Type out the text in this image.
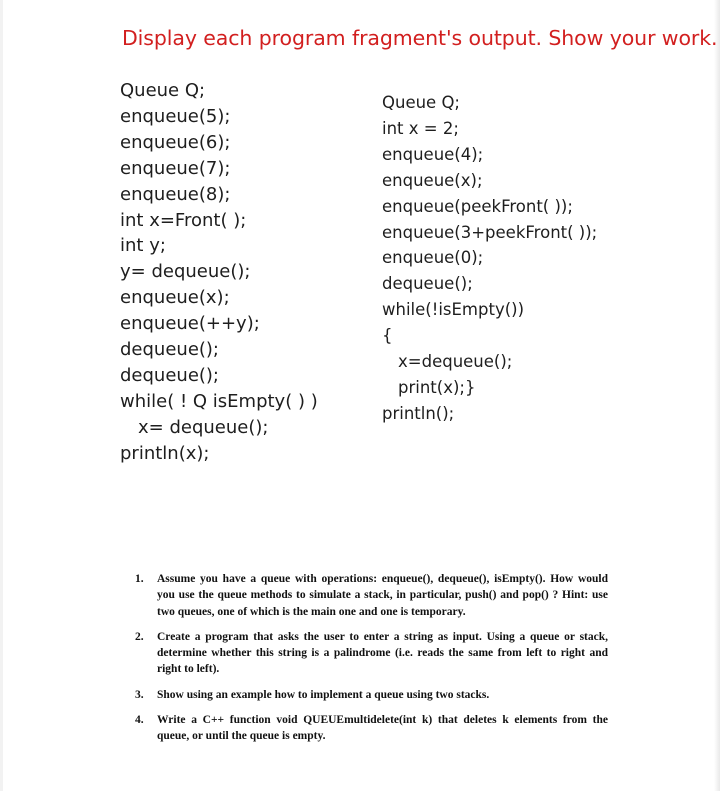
Display each program fragment's output. Show your work.
Queue Q;
enqueue(5);
enqueue(6);
enqueue(7);
enqueue(8);
int x=Front( );
int y;
y= dequeue();
enqueue(x);
enqueue(++y);
dequeue();
dequeue();
while( ! Q isEmpty( ) )
x= dequeue();
println(x);
Queue Q;
int x = 2;
enqueue(4);
enqueue(x);
enqueue(peekFront( ));
enqueue(3+peekFront( ));
enqueue(0);
dequeue();
while(!isEmpty())
{
x=dequeue();
print(x);}
println();
1. Assume you have a queue with operations: enqueue(), dequeue(), isEmpty(). How would you use the queue methods to simulate a stack, in particular, push() and pop() ? Hint: use two queues, one of which is the main one and one is temporary.
2. Create a program that asks the user to enter a string as input. Using a queue or stack, determine whether this string is a palindrome (i.e. reads the same from left to right and right to left).
3. Show using an example how to implement a queue using two stacks.
4. Write a C++ function void QUEUEmultidelete(int k) that deletes k elements from the queue, or until the queue is empty.
